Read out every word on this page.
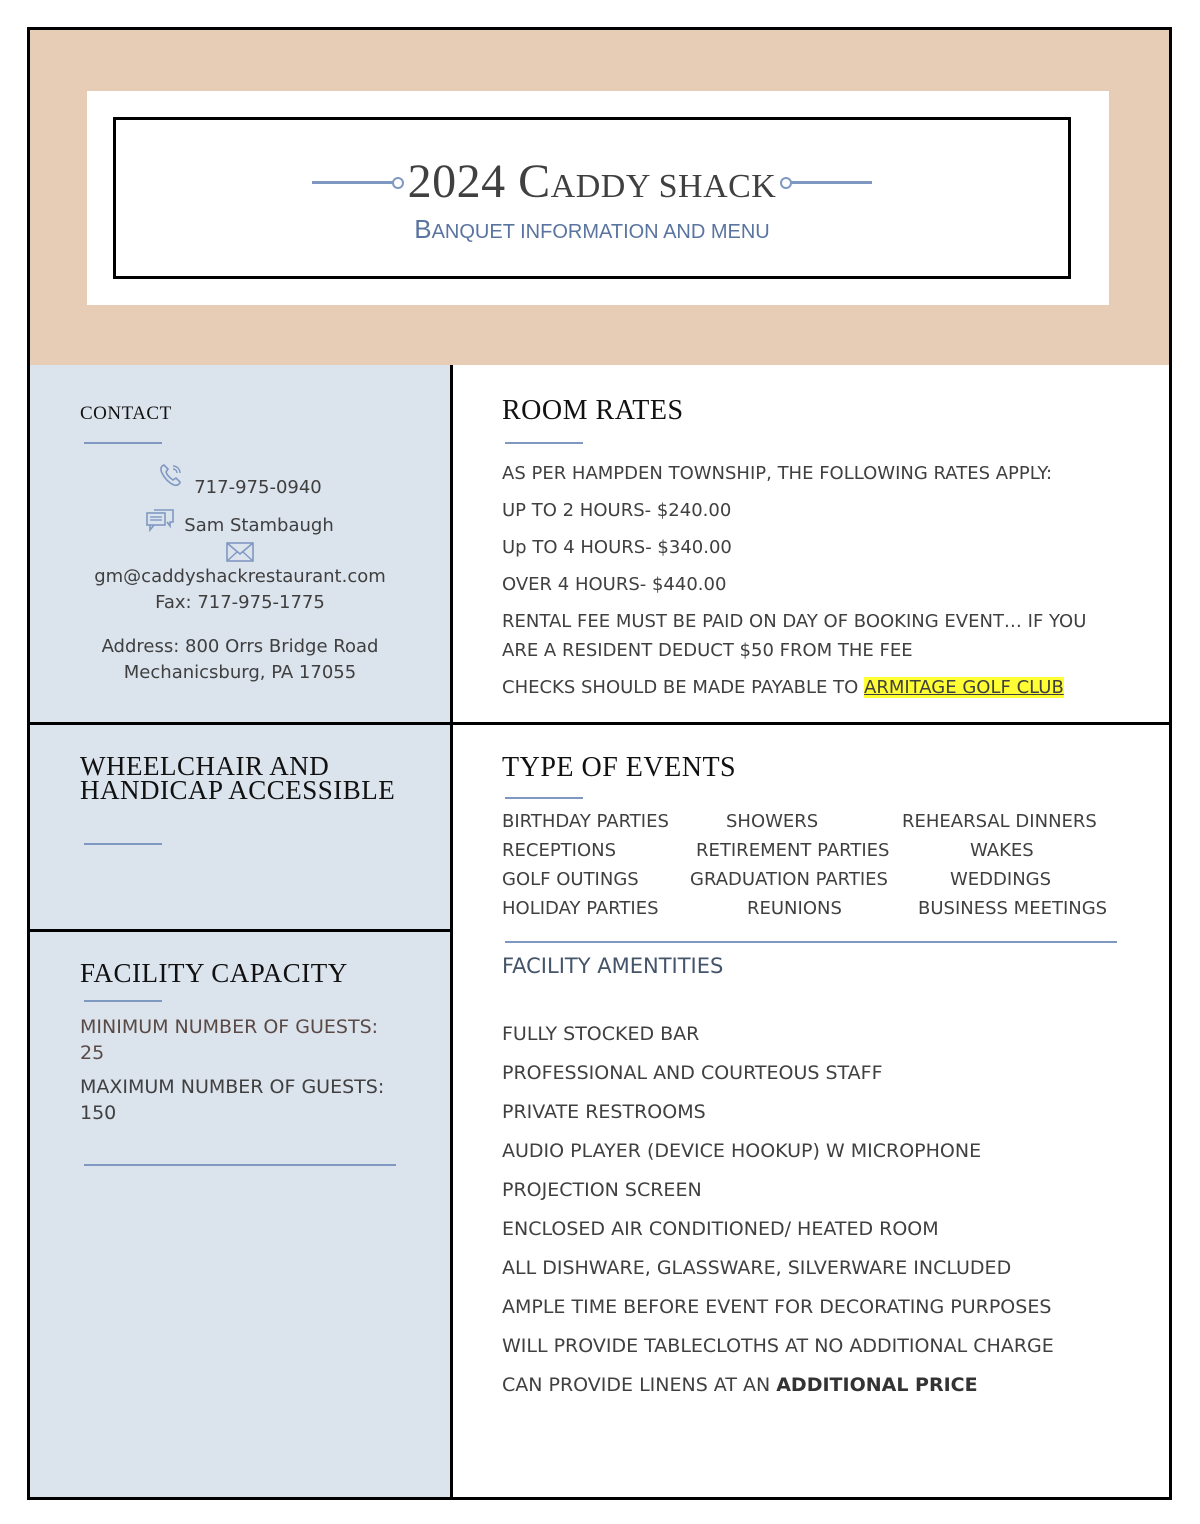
2024 CADDY SHACK
BANQUET INFORMATION AND MENU
CONTACT
717-975-0940
Sam Stambaugh
gm@caddyshackrestaurant.com
Fax: 717-975-1775
Address: 800 Orrs Bridge Road
Mechanicsburg, PA 17055
WHEELCHAIR AND HANDICAP ACCESSIBLE
FACILITY CAPACITY
MINIMUM NUMBER OF GUESTS:
25
MAXIMUM NUMBER OF GUESTS:
150
ROOM RATES

AS PER HAMPDEN TOWNSHIP, THE FOLLOWING RATES APPLY:

UP TO 2 HOURS- $240.00

Up TO 4 HOURS- $340.00

OVER 4 HOURS- $440.00

RENTAL FEE MUST BE PAID ON DAY OF BOOKING EVENT… IF YOU ARE A RESIDENT DEDUCT $50 FROM THE FEE

CHECKS SHOULD BE MADE PAYABLE TO ARMITAGE GOLF CLUB

TYPE OF EVENTS
BIRTHDAY PARTIES	SHOWERS	REHEARSAL DINNERS
RECEPTIONS	RETIREMENT PARTIES	WAKES
GOLF OUTINGS	GRADUATION PARTIES	WEDDINGS
HOLIDAY PARTIES	REUNIONS	BUSINESS MEETINGS
FACILITY AMENTITIES
FULLY STOCKED BAR
PROFESSIONAL AND COURTEOUS STAFF
PRIVATE RESTROOMS
AUDIO PLAYER (DEVICE HOOKUP) W MICROPHONE
PROJECTION SCREEN
ENCLOSED AIR CONDITIONED/ HEATED ROOM
ALL DISHWARE, GLASSWARE, SILVERWARE INCLUDED
AMPLE TIME BEFORE EVENT FOR DECORATING PURPOSES
WILL PROVIDE TABLECLOTHS AT NO ADDITIONAL CHARGE
CAN PROVIDE LINENS AT AN ADDITIONAL PRICE
